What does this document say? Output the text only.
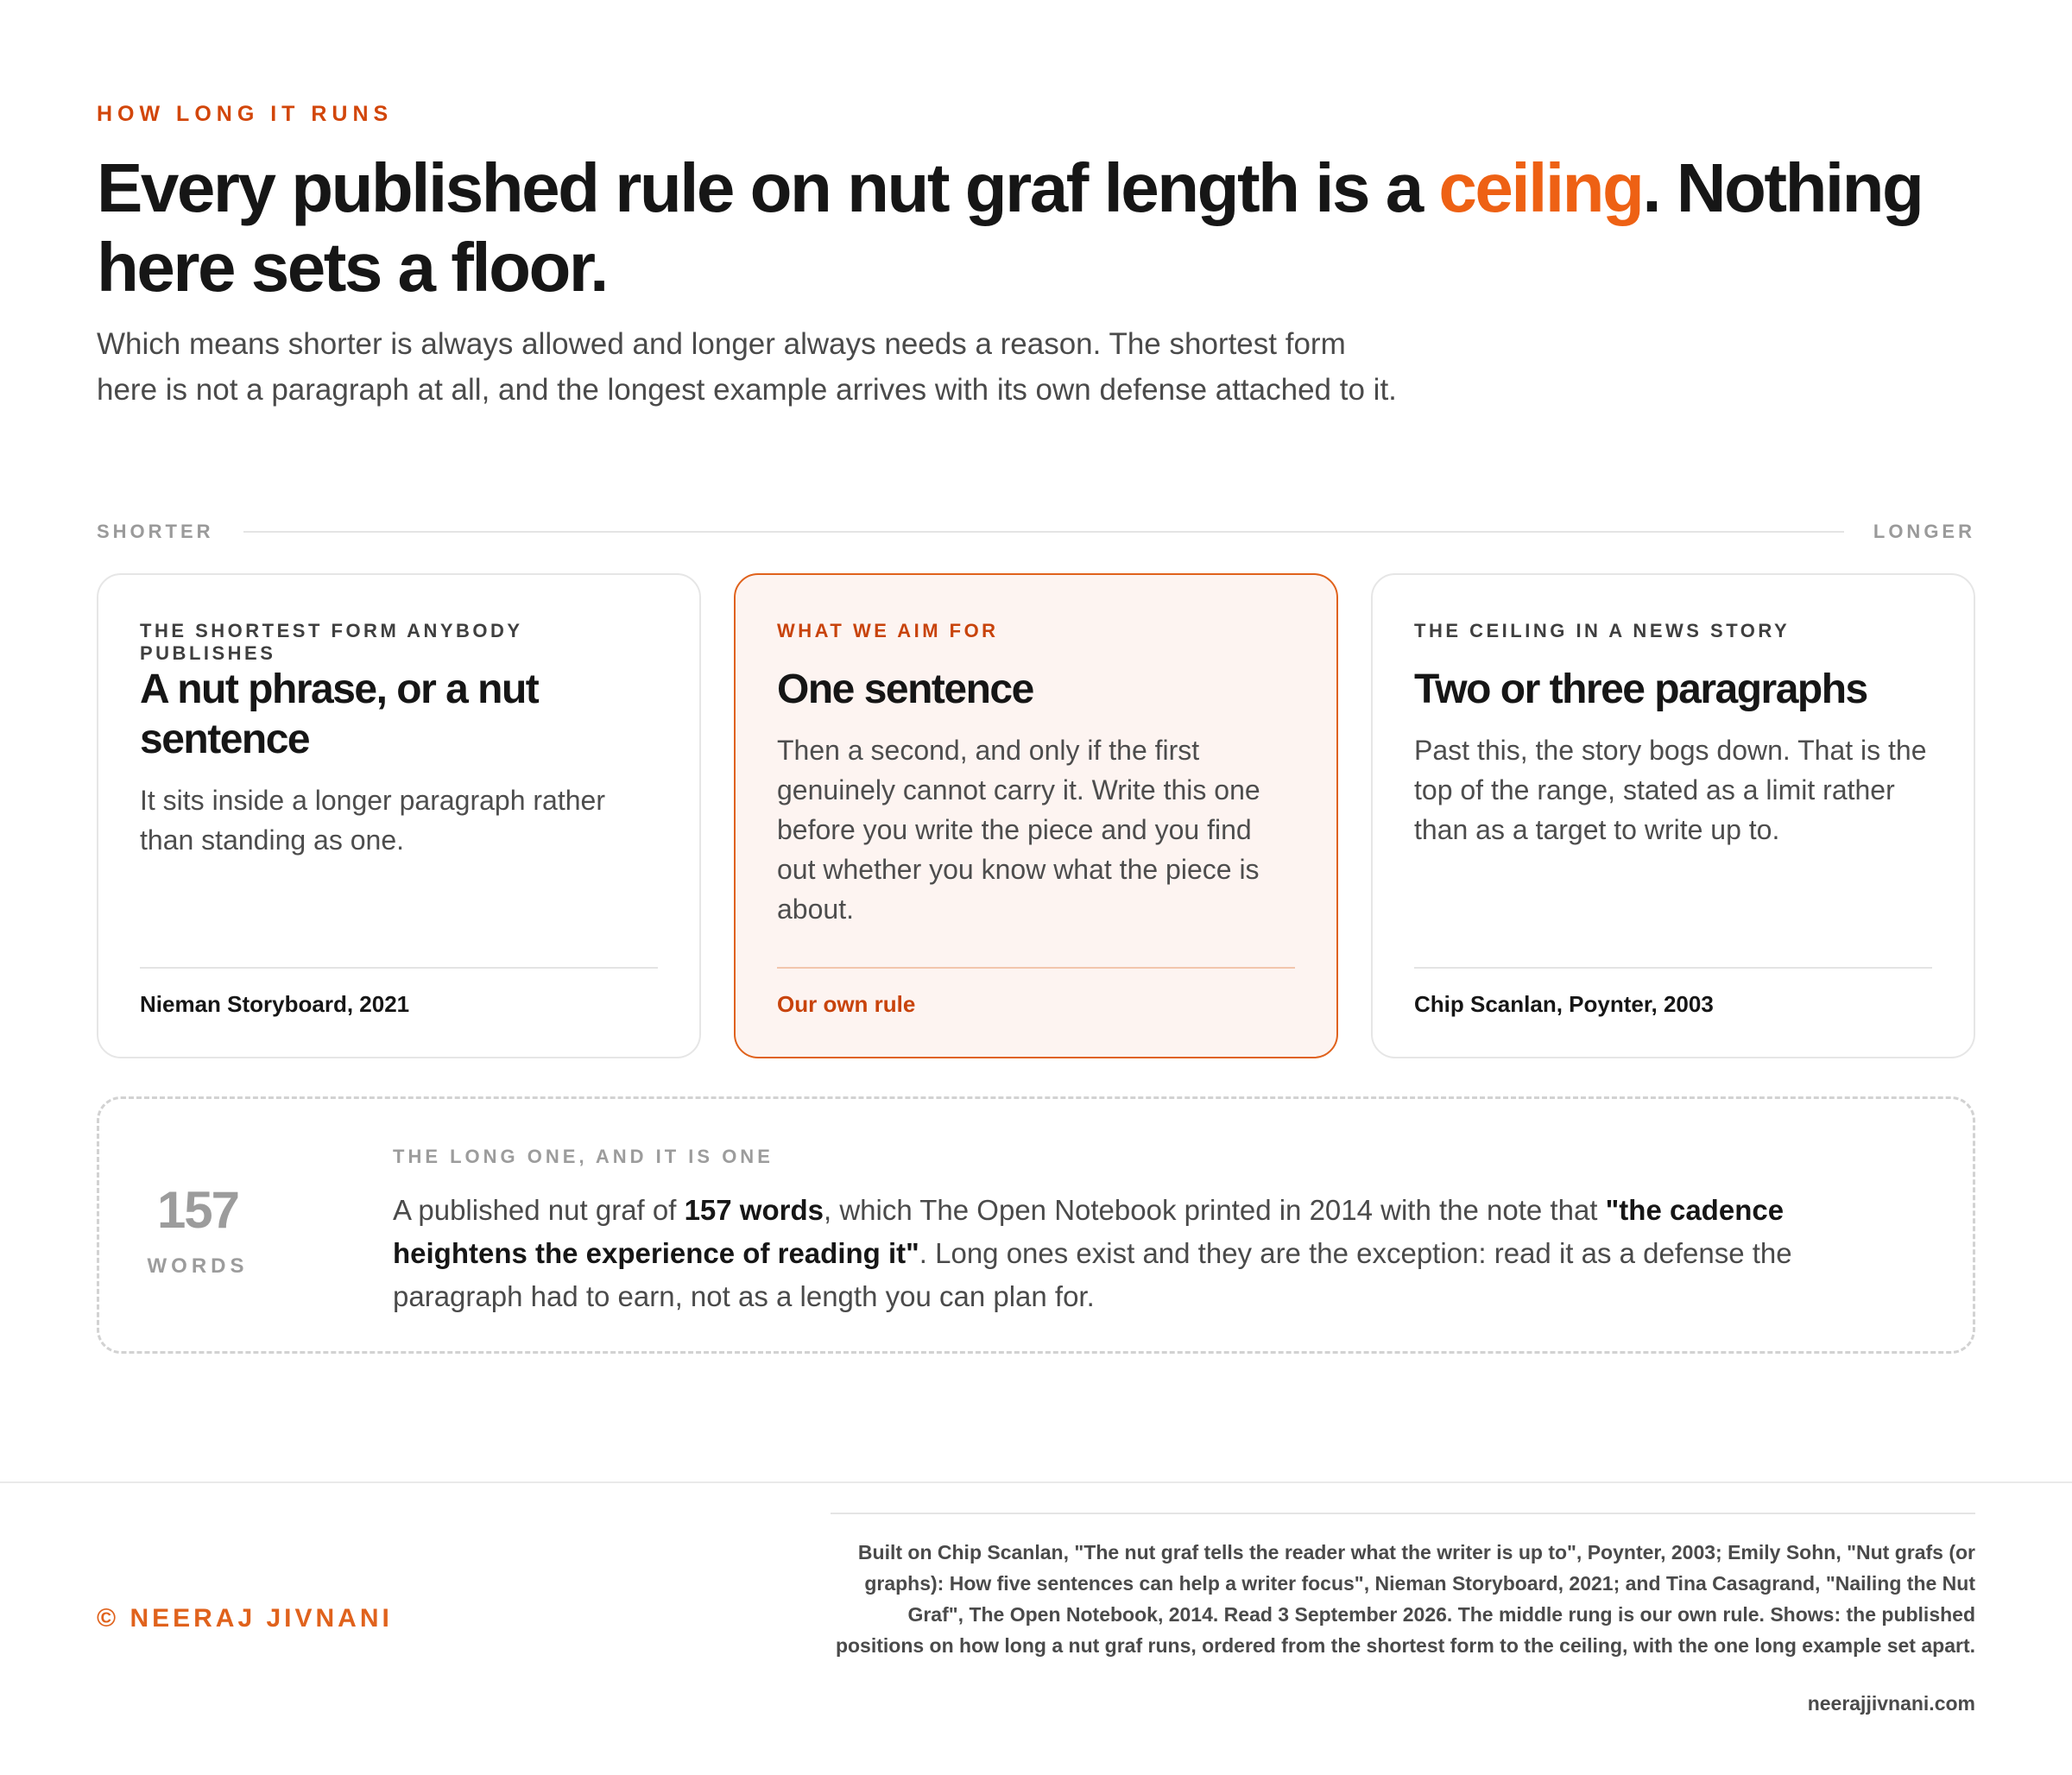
HOW LONG IT RUNS
Every published rule on nut graf length is a ceiling. Nothing here sets a floor.

Which means shorter is always allowed and longer always needs a reason. The shortest form here is not a paragraph at all, and the longest example arrives with its own defense attached to it.

SHORTER	LONGER
THE SHORTEST FORM ANYBODY PUBLISHES
A nut phrase, or a nut sentence
It sits inside a longer paragraph rather than standing as one.
Nieman Storyboard, 2021
WHAT WE AIM FOR
One sentence
Then a second, and only if the first genuinely cannot carry it. Write this one before you write the piece and you find out whether you know what the piece is about.
Our own rule
THE CEILING IN A NEWS STORY
Two or three paragraphs
Past this, the story bogs down. That is the top of the range, stated as a limit rather than as a target to write up to.
Chip Scanlan, Poynter, 2003
157
WORDS
THE LONG ONE, AND IT IS ONE

A published nut graf of 157 words, which The Open Notebook printed in 2014 with the note that "the cadence heightens the experience of reading it". Long ones exist and they are the exception: read it as a defense the paragraph had to earn, not as a length you can plan for.

© NEERAJ JIVNANI

Built on Chip Scanlan, "The nut graf tells the reader what the writer is up to", Poynter, 2003; Emily Sohn, "Nut grafs (or graphs): How five sentences can help a writer focus", Nieman Storyboard, 2021; and Tina Casagrand, "Nailing the Nut Graf", The Open Notebook, 2014. Read 3 September 2026. The middle rung is our own rule. Shows: the published positions on how long a nut graf runs, ordered from the shortest form to the ceiling, with the one long example set apart.

neerajjivnani.com
